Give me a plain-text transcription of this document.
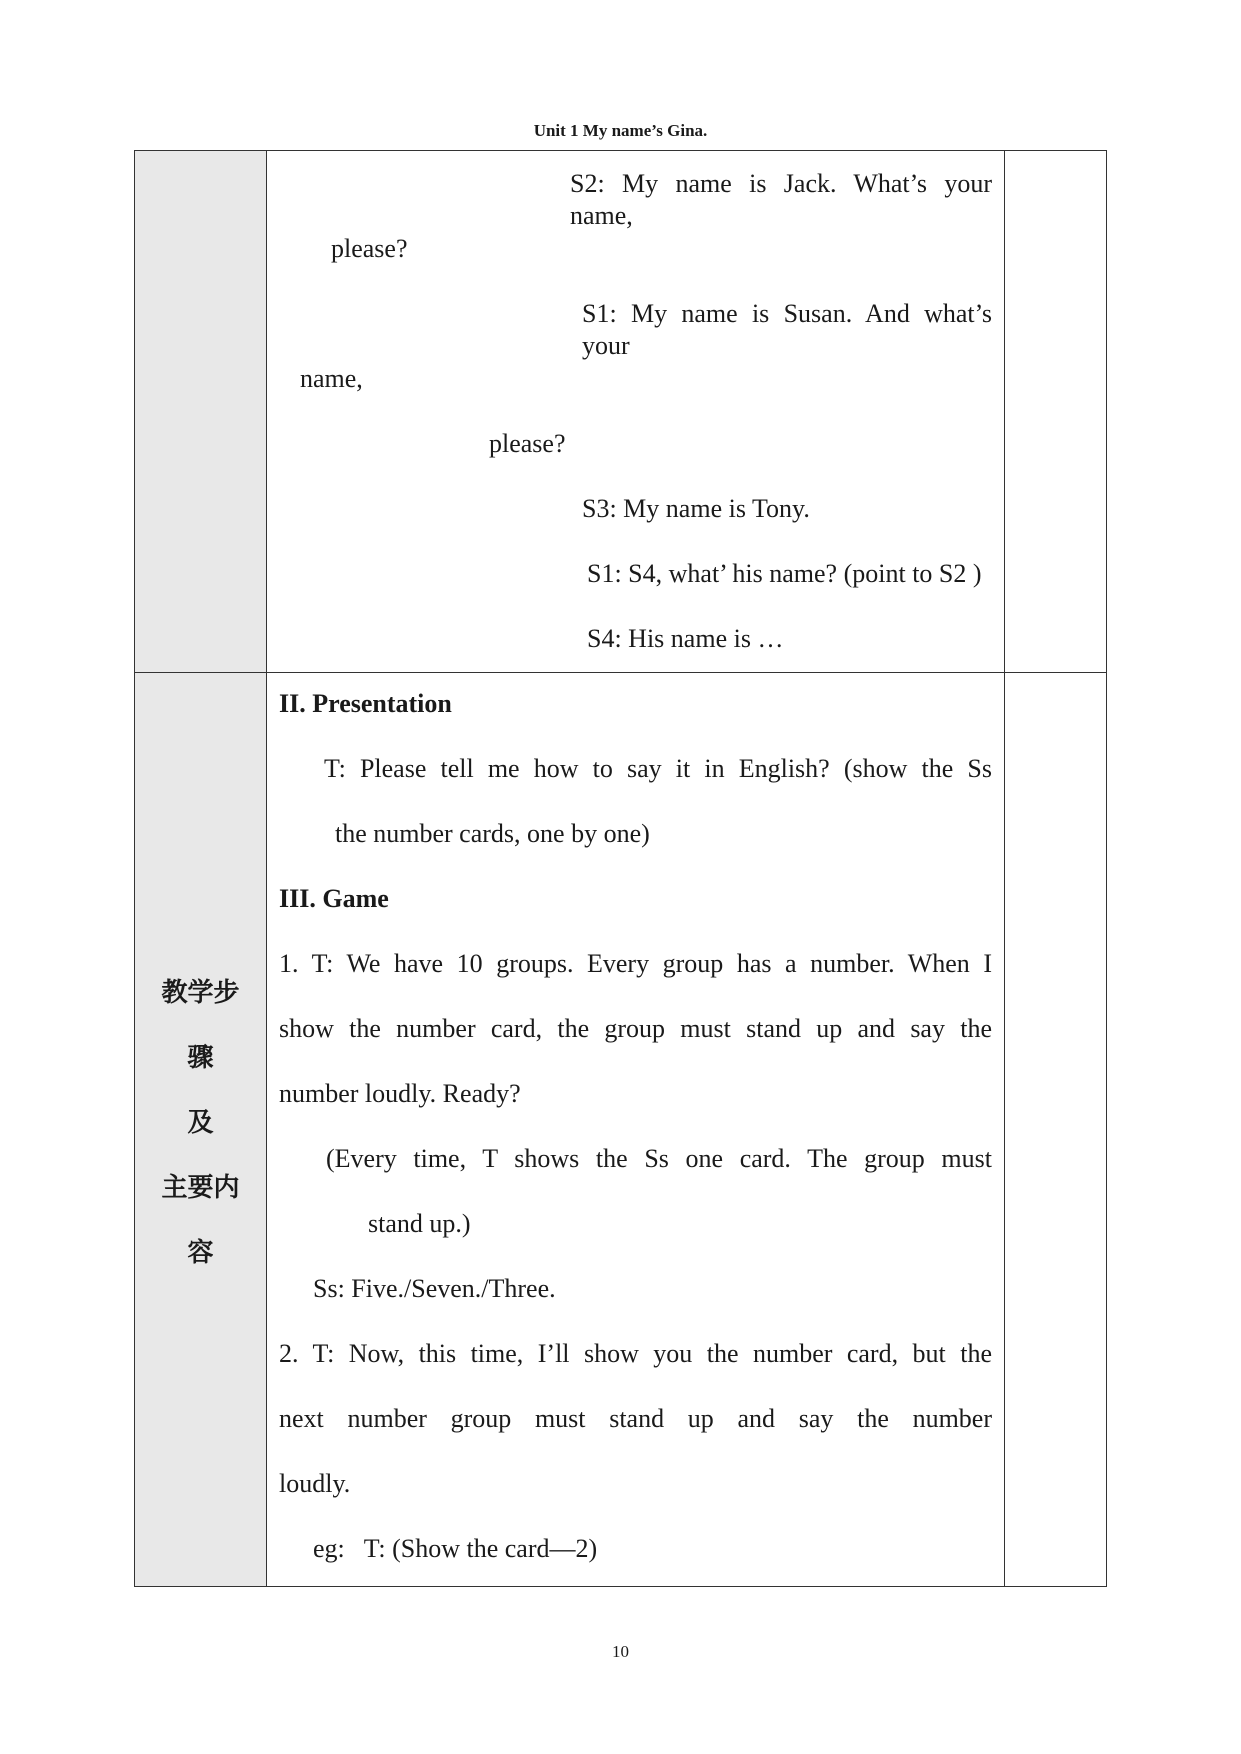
Unit 1 My name’s Gina.
S2: My name is Jack. What’s your name,
please?
S1: My name is Susan. And what’s your
name,
please?
S3: My name is Tony.
S1: S4, what’ his name? (point to S2 )
S4: His name is …
教学步
骤
及
主要内
容
II. Presentation
T: Please tell me how to say it in English? (show the Ss
the number cards, one by one)
III. Game
1. T: We have 10 groups. Every group has a number. When I
show the number card, the group must stand up and say the
number loudly. Ready?
(Every time, T shows the Ss one card. The group must
stand up.)
Ss: Five./Seven./Three.
2. T: Now, this time, I’ll show you the number card, but the
next number group must stand up and say the number
loudly.
eg:   T: (Show the card—2)
10
